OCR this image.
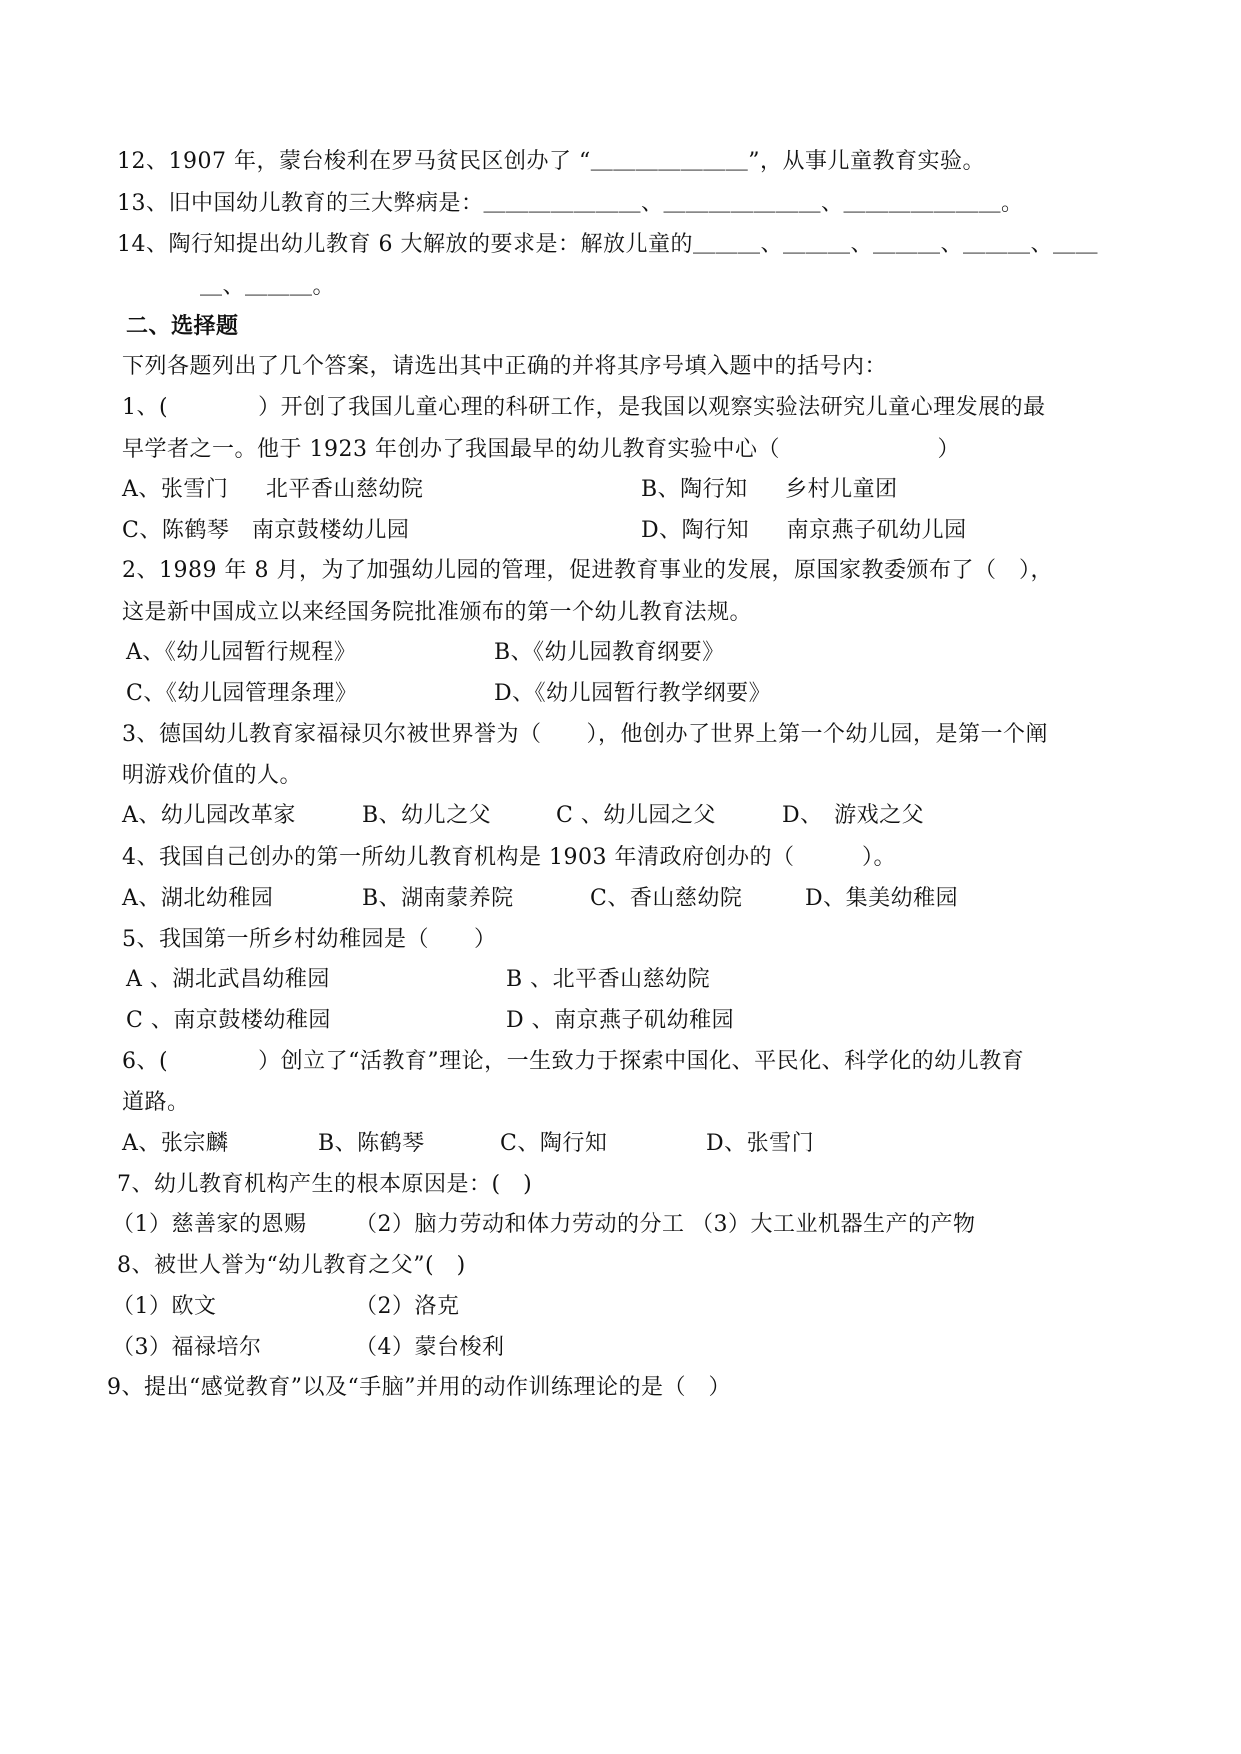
12、1907 年，蒙台梭利在罗马贫民区创办了 “＿＿＿＿＿＿＿”，从事儿童教育实验。
13、旧中国幼儿教育的三大弊病是：＿＿＿＿＿＿＿、＿＿＿＿＿＿＿、＿＿＿＿＿＿＿。
14、陶行知提出幼儿教育 6 大解放的要求是：解放儿童的＿＿＿、＿＿＿、＿＿＿、＿＿＿、＿＿
＿、＿＿＿。
二、选择题
下列各题列出了几个答案，请选出其中正确的并将其序号填入题中的括号内：
1、(　　　　）开创了我国儿童心理的科研工作，是我国以观察实验法研究儿童心理发展的最
早学者之一。他于 1923 年创办了我国最早的幼儿教育实验中心（　　　　　　　）
A、张雪门　  北平香山慈幼院	B、陶行知　  乡村儿童团
C、陈鹤琴　南京鼓楼幼儿园	D、陶行知　  南京燕子矶幼儿园
2、1989 年 8 月，为了加强幼儿园的管理，促进教育事业的发展，原国家教委颁布了（　），
这是新中国成立以来经国务院批准颁布的第一个幼儿教育法规。
A、《幼儿园暂行规程》	B、《幼儿园教育纲要》
C、《幼儿园管理条理》	D、《幼儿园暂行教学纲要》
3、德国幼儿教育家福禄贝尔被世界誉为（　　），他创办了世界上第一个幼儿园，是第一个阐
明游戏价值的人。
A、幼儿园改革家	B、幼儿之父	C 、幼儿园之父	D、　游戏之父
4、我国自己创办的第一所幼儿教育机构是 1903 年清政府创办的（　　　）。
A、湖北幼稚园	B、湖南蒙养院	C、香山慈幼院	D、集美幼稚园
5、我国第一所乡村幼稚园是（　　）
A 、湖北武昌幼稚园	B 、北平香山慈幼院
C 、南京鼓楼幼稚园	D 、南京燕子矶幼稚园
6、(　　　　）创立了“活教育”理论，一生致力于探索中国化、平民化、科学化的幼儿教育
道路。
A、张宗麟	B、陈鹤琴	C、陶行知	D、张雪门
7、幼儿教育机构产生的根本原因是：(　)
（1）慈善家的恩赐 （2）脑力劳动和体力劳动的分工 （3）大工业机器生产的产物
8、被世人誉为“幼儿教育之父”(　)
（1）欧文	（2）洛克
（3）福禄培尔	（4）蒙台梭利
9、提出“感觉教育”以及“手脑”并用的动作训练理论的是（　）
